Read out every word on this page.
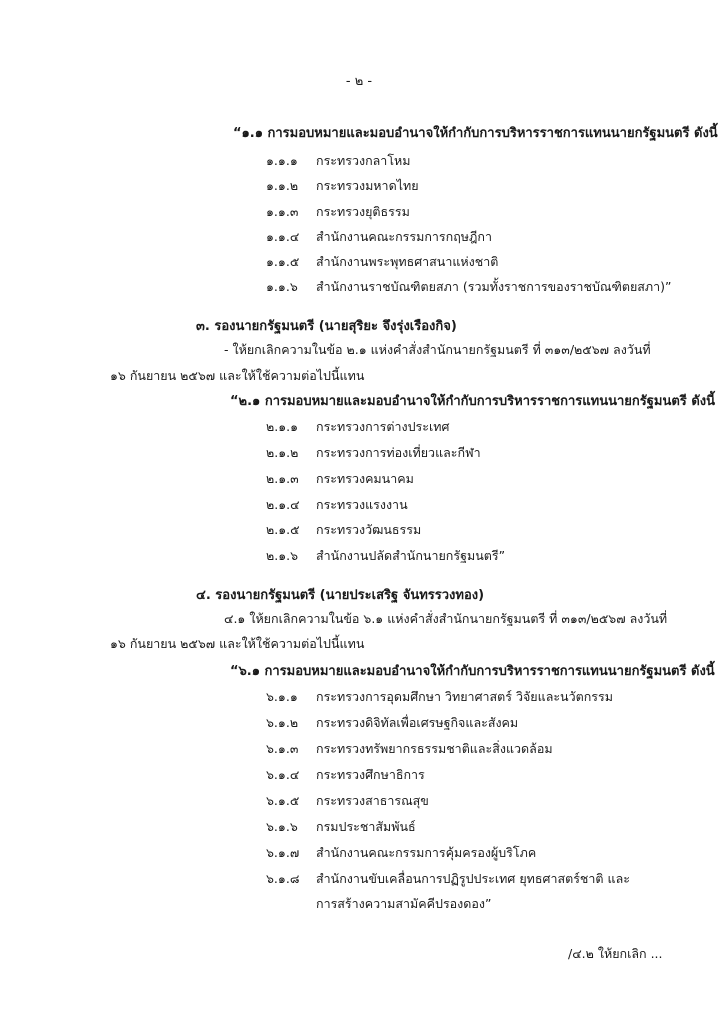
- ๒ -
“๑.๑ การมอบหมายและมอบอำนาจให้กำกับการบริหารราชการแทนนายกรัฐมนตรี ดังนี้
๑.๑.๑ กระทรวงกลาโหม
๑.๑.๒ กระทรวงมหาดไทย
๑.๑.๓ กระทรวงยุติธรรม
๑.๑.๔ สำนักงานคณะกรรมการกฤษฎีกา
๑.๑.๕ สำนักงานพระพุทธศาสนาแห่งชาติ
๑.๑.๖ สำนักงานราชบัณฑิตยสภา (รวมทั้งราชการของราชบัณฑิตยสภา)”
๓. รองนายกรัฐมนตรี (นายสุริยะ จึงรุ่งเรืองกิจ)
- ให้ยกเลิกความในข้อ ๒.๑ แห่งคำสั่งสำนักนายกรัฐมนตรี ที่ ๓๑๓/๒๕๖๗ ลงวันที่
๑๖ กันยายน ๒๕๖๗ และให้ใช้ความต่อไปนี้แทน
“๒.๑ การมอบหมายและมอบอำนาจให้กำกับการบริหารราชการแทนนายกรัฐมนตรี ดังนี้
๒.๑.๑ กระทรวงการต่างประเทศ
๒.๑.๒ กระทรวงการท่องเที่ยวและกีฬา
๒.๑.๓ กระทรวงคมนาคม
๒.๑.๔ กระทรวงแรงงาน
๒.๑.๕ กระทรวงวัฒนธรรม
๒.๑.๖ สำนักงานปลัดสำนักนายกรัฐมนตรี”
๔. รองนายกรัฐมนตรี (นายประเสริฐ จันทรรวงทอง)
๔.๑ ให้ยกเลิกความในข้อ ๖.๑ แห่งคำสั่งสำนักนายกรัฐมนตรี ที่ ๓๑๓/๒๕๖๗ ลงวันที่
๑๖ กันยายน ๒๕๖๗ และให้ใช้ความต่อไปนี้แทน
“๖.๑ การมอบหมายและมอบอำนาจให้กำกับการบริหารราชการแทนนายกรัฐมนตรี ดังนี้
๖.๑.๑ กระทรวงการอุดมศึกษา วิทยาศาสตร์ วิจัยและนวัตกรรม
๖.๑.๒ กระทรวงดิจิทัลเพื่อเศรษฐกิจและสังคม
๖.๑.๓ กระทรวงทรัพยากรธรรมชาติและสิ่งแวดล้อม
๖.๑.๔ กระทรวงศึกษาธิการ
๖.๑.๕ กระทรวงสาธารณสุข
๖.๑.๖ กรมประชาสัมพันธ์
๖.๑.๗ สำนักงานคณะกรรมการคุ้มครองผู้บริโภค
๖.๑.๘ สำนักงานขับเคลื่อนการปฏิรูปประเทศ ยุทธศาสตร์ชาติ และ
การสร้างความสามัคคีปรองดอง”
/๔.๒ ให้ยกเลิก ...
